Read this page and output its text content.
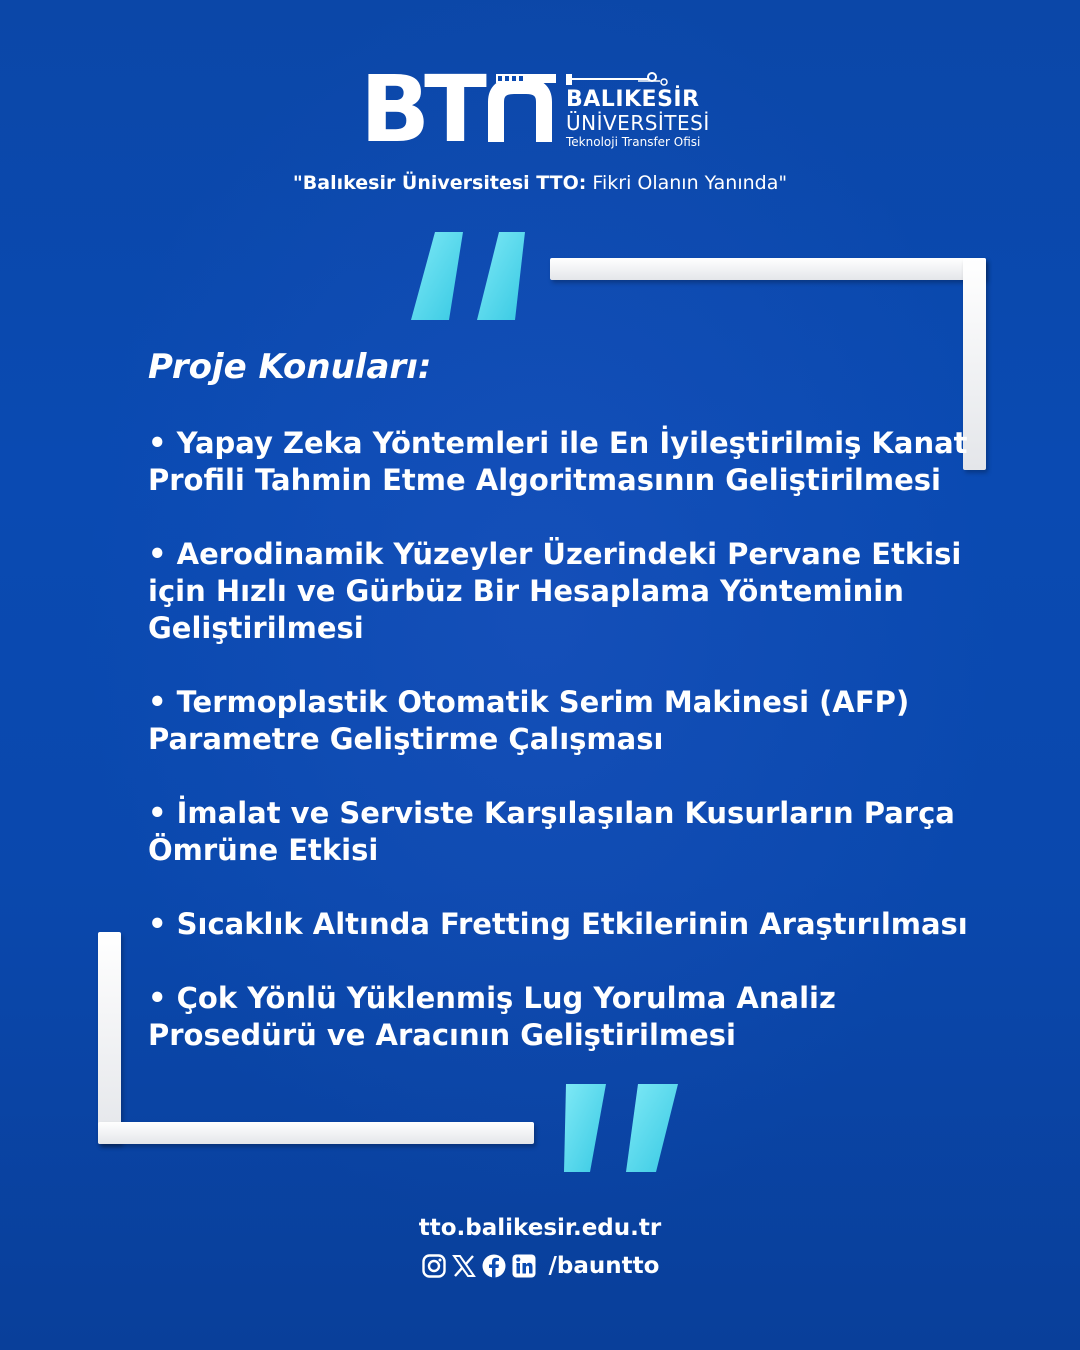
BT	BALIKESİR
ÜNİVERSİTESİ
Teknoloji Transfer Ofisi
"Balıkesir Üniversitesi TTO: Fikri Olanın Yanında"
Proje Konuları:
• Yapay Zeka Yöntemleri ile En İyileştirilmiş Kanat
Profili Tahmin Etme Algoritmasının Geliştirilmesi
• Aerodinamik Yüzeyler Üzerindeki Pervane Etkisi
için Hızlı ve Gürbüz Bir Hesaplama Yönteminin
Geliştirilmesi
• Termoplastik Otomatik Serim Makinesi (AFP)
Parametre Geliştirme Çalışması
• İmalat ve Serviste Karşılaşılan Kusurların Parça
Ömrüne Etkisi
• Sıcaklık Altında Fretting Etkilerinin Araştırılması
• Çok Yönlü Yüklenmiş Lug Yorulma Analiz
Prosedürü ve Aracının Geliştirilmesi
tto.balikesir.edu.tr
/bauntto
